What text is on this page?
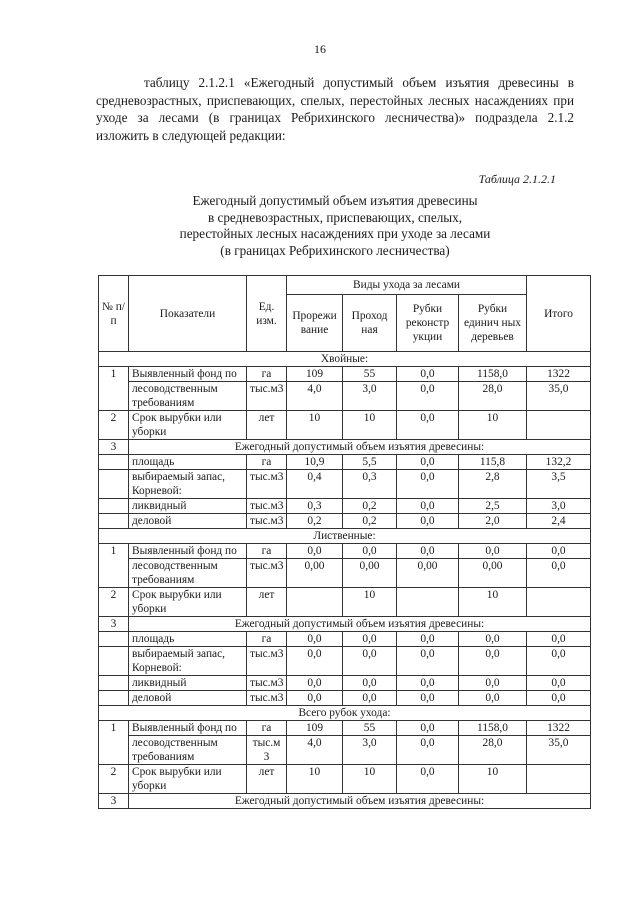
16

таблицу 2.1.2.1 «Ежегодный допустимый объем изъятия древесины в средневозрастных, приспевающих, спелых, перестойных лесных насаждениях при уходе за лесами (в границах Ребрихинского лесничества)» подраздела 2.1.2 изложить в следующей редакции:

Таблица 2.1.2.1
Ежегодный допустимый объем изъятия древесины
в средневозрастных, приспевающих, спелых,
перестойных лесных насаждениях при уходе за лесами
(в границах Ребрихинского лесничества)
№ п/п	Показатели	Ед. изм.	Виды ухода за лесами				Итого
			Прорежи вание	Проход ная	Рубки реконстр укции	Рубки единич ных деревьев	
Хвойные:							
1	Выявленный фонд по	га	109	55	0,0	1158,0	1322
	лесоводственным требованиям	тыс.м3	4,0	3,0	0,0	28,0	35,0
2	Срок вырубки или уборки	лет	10	10	0,0	10	
3	Ежегодный допустимый объем изъятия древесины:						
	площадь	га	10,9	5,5	0,0	115,8	132,2
	выбираемый запас, Корневой:	тыс.м3	0,4	0,3	0,0	2,8	3,5
	ликвидный	тыс.м3	0,3	0,2	0,0	2,5	3,0
	деловой	тыс.м3	0,2	0,2	0,0	2,0	2,4
Лиственные:							
1	Выявленный фонд по	га	0,0	0,0	0,0	0,0	0,0
	лесоводственным требованиям	тыс.м3	0,00	0,00	0,00	0,00	0,0
2	Срок вырубки или уборки	лет		10		10	
3	Ежегодный допустимый объем изъятия древесины:						
	площадь	га	0,0	0,0	0,0	0,0	0,0
	выбираемый запас, Корневой:	тыс.м3	0,0	0,0	0,0	0,0	0,0
	ликвидный	тыс.м3	0,0	0,0	0,0	0,0	0,0
	деловой	тыс.м3	0,0	0,0	0,0	0,0	0,0
Всего рубок ухода:							
1	Выявленный фонд по	га	109	55	0,0	1158,0	1322
	лесоводственным требованиям	тыс.м 3	4,0	3,0	0,0	28,0	35,0
2	Срок вырубки или уборки	лет	10	10	0,0	10	
3	Ежегодный допустимый объем изъятия древесины:						
